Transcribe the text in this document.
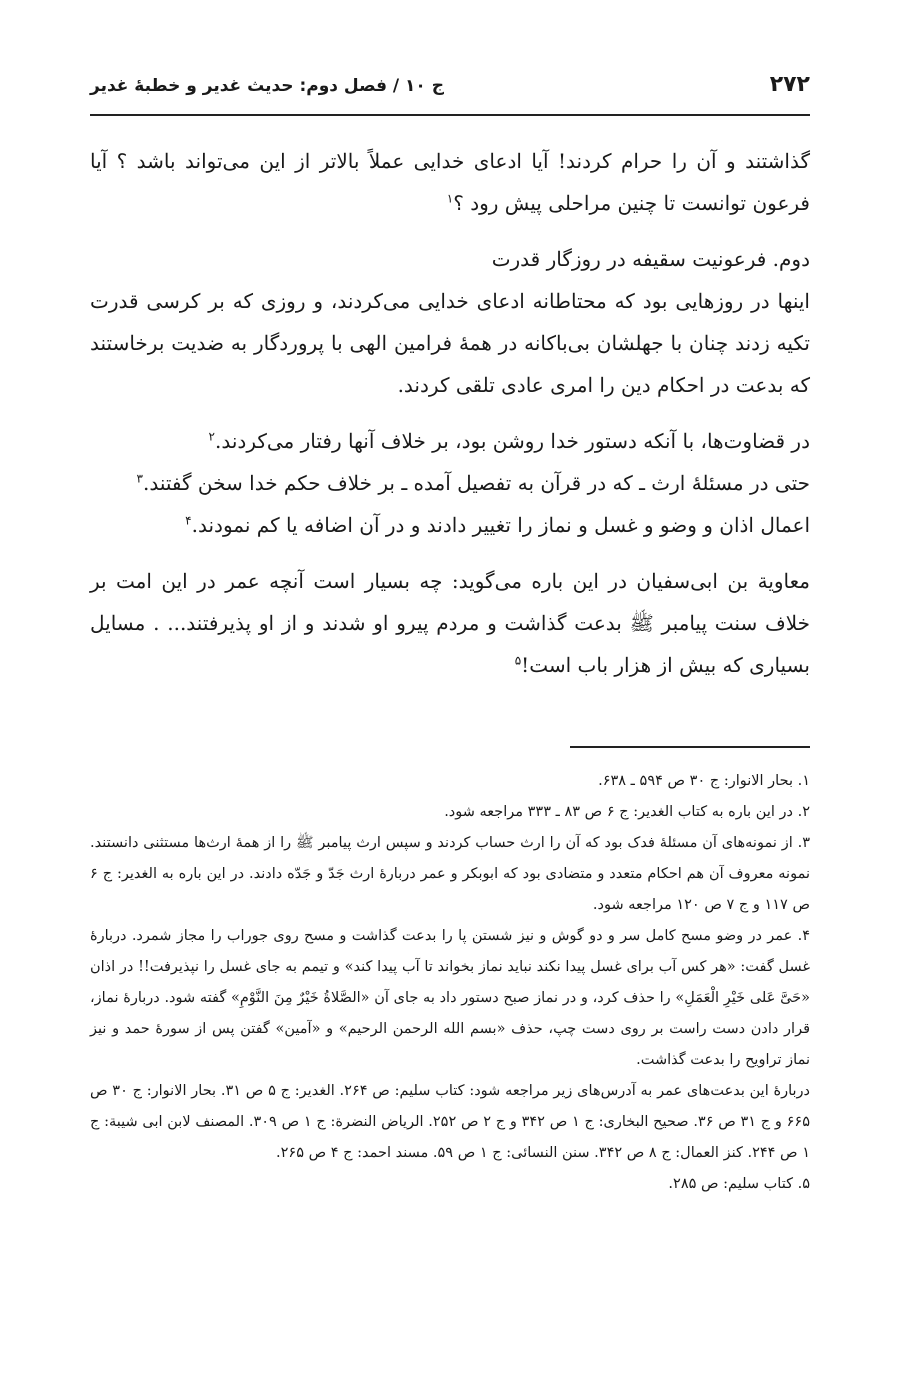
۲۷۲
ج ۱۰ / فصل دوم: حدیث غدیر و خطبهٔ غدیر

گذاشتند و آن را حرام کردند! آیا ادعای خدایی عملاً بالاتر از این می‌تواند باشد ؟ آیا فرعون توانست تا چنین مراحلی پیش رود ؟$^۱$

دوم. فرعونیت سقیفه در روزگار قدرت

اینها در روزهایی بود که محتاطانه ادعای خدایی می‌کردند، و روزی که بر کرسی قدرت تکیه زدند چنان با جهلشان بی‌باکانه در همهٔ فرامین الهی با پروردگار به ضدیت برخاستند که بدعت در احکام دین را امری عادی تلقی کردند.

در قضاوت‌ها، با آنکه دستور خدا روشن بود، بر خلاف آنها رفتار می‌کردند.$^۲$

حتی در مسئلهٔ ارث ـ که در قرآن به تفصیل آمده ـ بر خلاف حکم خدا سخن گفتند.$^۳$

اعمال اذان و وضو و غسل و نماز را تغییر دادند و در آن اضافه یا کم نمودند.$^۴$

معاویة بن ابی‌سفیان در این باره می‌گوید: چه بسیار است آنچه عمر در این امت بر خلاف سنت پیامبر ﷺ بدعت گذاشت و مردم پیرو او شدند و از او پذیرفتند... . مسایل بسیاری که بیش از هزار باب است!$^۵$

۱. بحار الانوار: ج ۳۰ ص ۵۹۴ ـ ۶۳۸.

۲. در این باره به کتاب الغدیر: ج ۶ ص ۸۳ ـ ۳۳۳ مراجعه شود.

۳. از نمونه‌های آن مسئلهٔ فدک بود که آن را ارث حساب کردند و سپس ارث پیامبر ﷺ را از همهٔ ارث‌ها مستثنی دانستند. نمونه معروف آن هم احکام متعدد و متضادی بود که ابوبکر و عمر دربارهٔ ارث جَدّ و جَدّه دادند. در این باره به الغدیر: ج ۶ ص ۱۱۷ و ج ۷ ص ۱۲۰ مراجعه شود.

۴. عمر در وضو مسح کامل سر و دو گوش و نیز شستن پا را بدعت گذاشت و مسح روی جوراب را مجاز شمرد. دربارهٔ غسل گفت: «هر کس آب برای غسل پیدا نکند نباید نماز بخواند تا آب پیدا کند» و تیمم به جای غسل را نپذیرفت!! در اذان «حَیَّ عَلی خَیْرِ الْعَمَلِ» را حذف کرد، و در نماز صبح دستور داد به جای آن «الصَّلاةُ خَیْرٌ مِنَ النَّوْمِ» گفته شود. دربارهٔ نماز، قرار دادن دست راست بر روی دست چپ، حذف «بسم الله الرحمن الرحیم» و «آمین» گفتن پس از سورهٔ حمد و نیز نماز تراویح را بدعت گذاشت.

دربارهٔ این بدعت‌های عمر به آدرس‌های زیر مراجعه شود: کتاب سلیم: ص ۲۶۴. الغدیر: ج ۵ ص ۳۱. بحار الانوار: ج ۳۰ ص ۶۶۵ و ج ۳۱ ص ۳۶. صحیح البخاری: ج ۱ ص ۳۴۲ و ج ۲ ص ۲۵۲. الریاض النضرة: ج ۱ ص ۳۰۹. المصنف لابن ابی شیبة: ج ۱ ص ۲۴۴. کنز العمال: ج ۸ ص ۳۴۲. سنن النسائی: ج ۱ ص ۵۹. مسند احمد: ج ۴ ص ۲۶۵.

۵. کتاب سلیم: ص ۲۸۵.
